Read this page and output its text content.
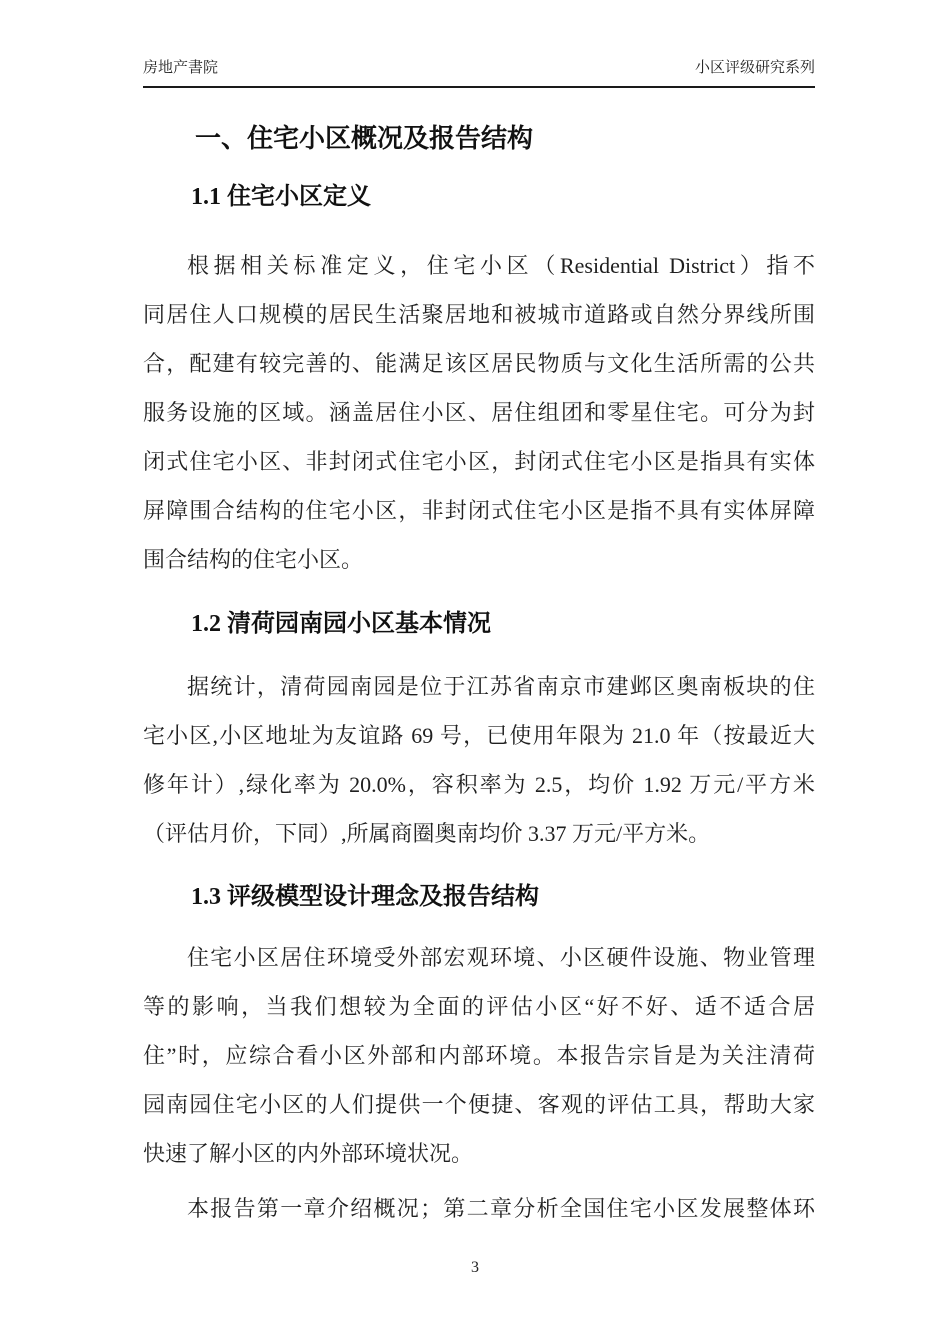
房地产書院	小区评级研究系列
一、住宅小区概况及报告结构
1.1 住宅小区定义
根据相关标准定义，住宅小区（Residential District）指不
同居住人口规模的居民生活聚居地和被城市道路或自然分界线所围
合，配建有较完善的、能满足该区居民物质与文化生活所需的公共
服务设施的区域。涵盖居住小区、居住组团和零星住宅。可分为封
闭式住宅小区、非封闭式住宅小区，封闭式住宅小区是指具有实体
屏障围合结构的住宅小区，非封闭式住宅小区是指不具有实体屏障
围合结构的住宅小区。
1.2 清荷园南园小区基本情况
据统计，清荷园南园是位于江苏省南京市建邺区奥南板块的住
宅小区,小区地址为友谊路 69 号，已使用年限为 21.0 年（按最近大
修年计）,绿化率为 20.0%，容积率为 2.5，均价 1.92 万元/平方米
（评估月价，下同）,所属商圈奥南均价 3.37 万元/平方米。
1.3 评级模型设计理念及报告结构
住宅小区居住环境受外部宏观环境、小区硬件设施、物业管理
等的影响，当我们想较为全面的评估小区“好不好、适不适合居
住”时，应综合看小区外部和内部环境。本报告宗旨是为关注清荷
园南园住宅小区的人们提供一个便捷、客观的评估工具，帮助大家
快速了解小区的内外部环境状况。
本报告第一章介绍概况；第二章分析全国住宅小区发展整体环
3
